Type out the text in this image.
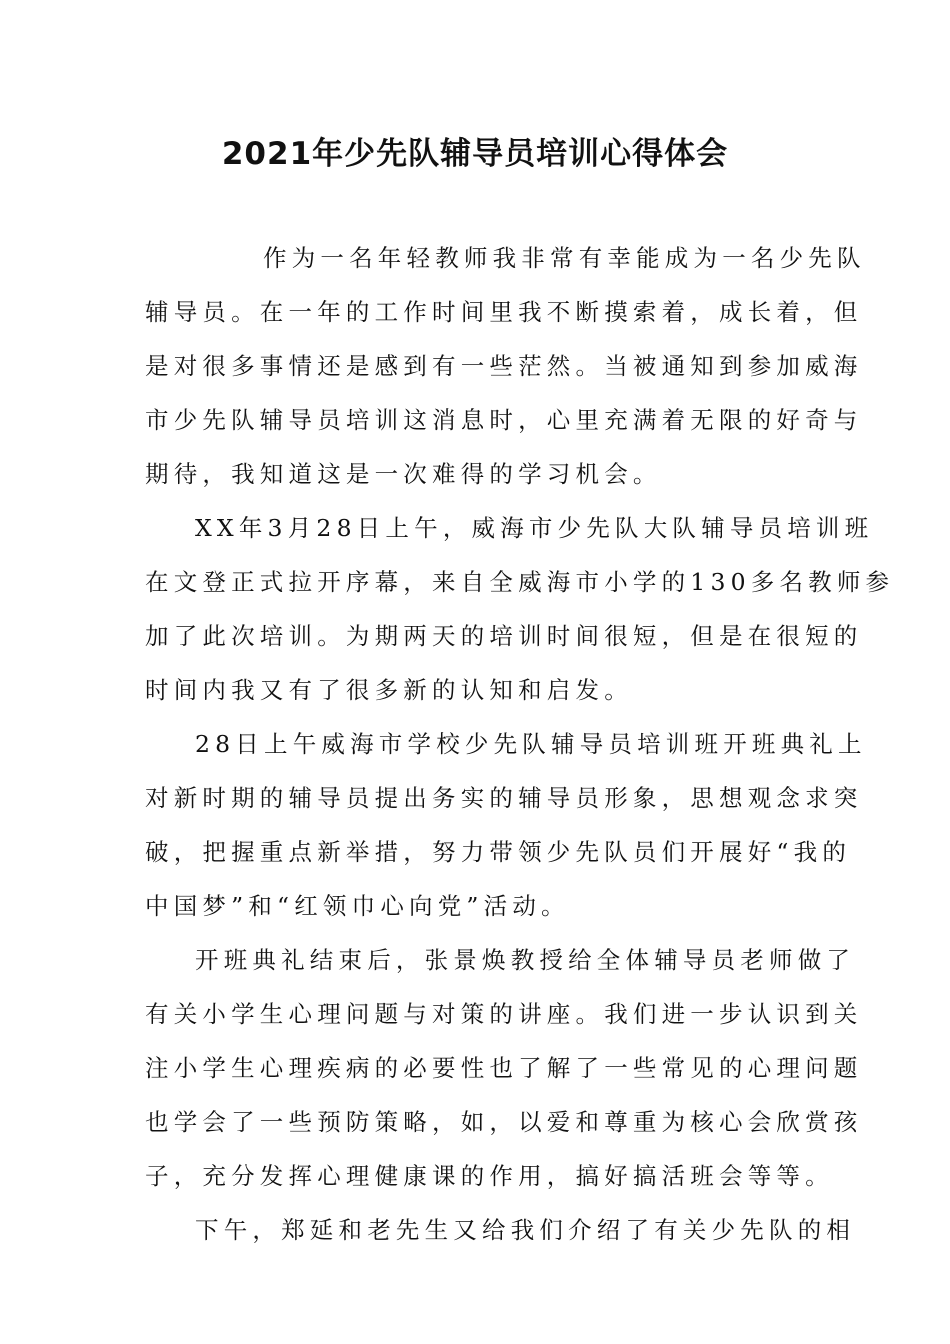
2021年少先队辅导员培训心得体会
作为一名年轻教师我非常有幸能成为一名少先队
辅导员。在一年的工作时间里我不断摸索着，成长着，但
是对很多事情还是感到有一些茫然。当被通知到参加威海
市少先队辅导员培训这消息时，心里充满着无限的好奇与
期待，我知道这是一次难得的学习机会。
XX年3月28日上午，威海市少先队大队辅导员培训班
在文登正式拉开序幕，来自全威海市小学的130多名教师参
加了此次培训。为期两天的培训时间很短，但是在很短的
时间内我又有了很多新的认知和启发。
28日上午威海市学校少先队辅导员培训班开班典礼上
对新时期的辅导员提出务实的辅导员形象，思想观念求突
破，把握重点新举措，努力带领少先队员们开展好“我的
中国梦”和“红领巾心向党”活动。
开班典礼结束后，张景焕教授给全体辅导员老师做了
有关小学生心理问题与对策的讲座。我们进一步认识到关
注小学生心理疾病的必要性也了解了一些常见的心理问题
也学会了一些预防策略，如，以爱和尊重为核心会欣赏孩
子，充分发挥心理健康课的作用，搞好搞活班会等等。
下午，郑延和老先生又给我们介绍了有关少先队的相
